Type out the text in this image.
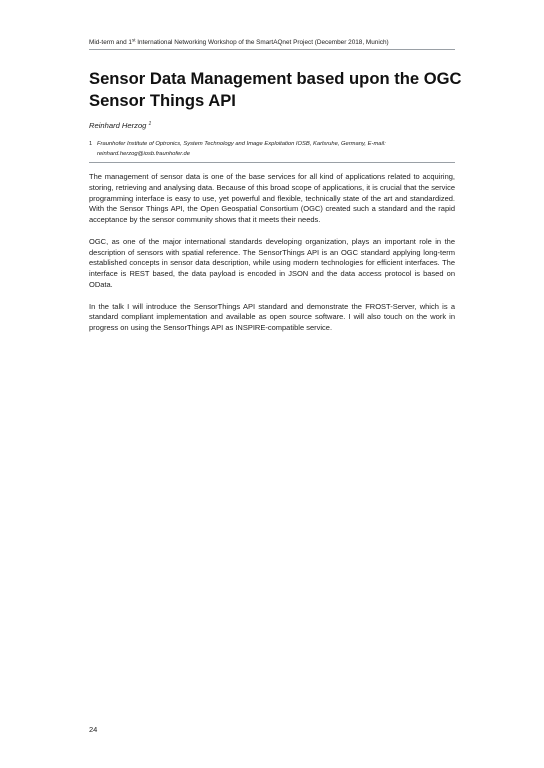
Mid-term and 1st International Networking Workshop of the SmartAQnet Project (December 2018, Munich)
Sensor Data Management based upon the OGC
Sensor Things API
Reinhard Herzog $^1$
1 Fraunhofer Institute of Optronics, System Technology and Image Exploitation IOSB, Karlsruhe, Germany, E-mail:
reinhard.herzog@iosb.fraunhofer.de

The management of sensor data is one of the base services for all kind of applications related to acquiring, storing, retrieving and analysing data. Because of this broad scope of applications, it is crucial that the service programming interface is easy to use, yet powerful and flexible, technically state of the art and standardized. With the Sensor Things API, the Open Geospatial Consortium (OGC) created such a standard and the rapid acceptance by the sensor community shows that it meets their needs.

OGC, as one of the major international standards developing organization, plays an important role in the description of sensors with spatial reference. The SensorThings API is an OGC standard applying long-term established concepts in sensor data description, while using modern technologies for efficient interfaces. The interface is REST based, the data payload is encoded in JSON and the data access protocol is based on OData.

In the talk I will introduce the SensorThings API standard and demonstrate the FROST-Server, which is a standard compliant implementation and available as open source software. I will also touch on the work in progress on using the SensorThings API as INSPIRE-compatible service.

24
